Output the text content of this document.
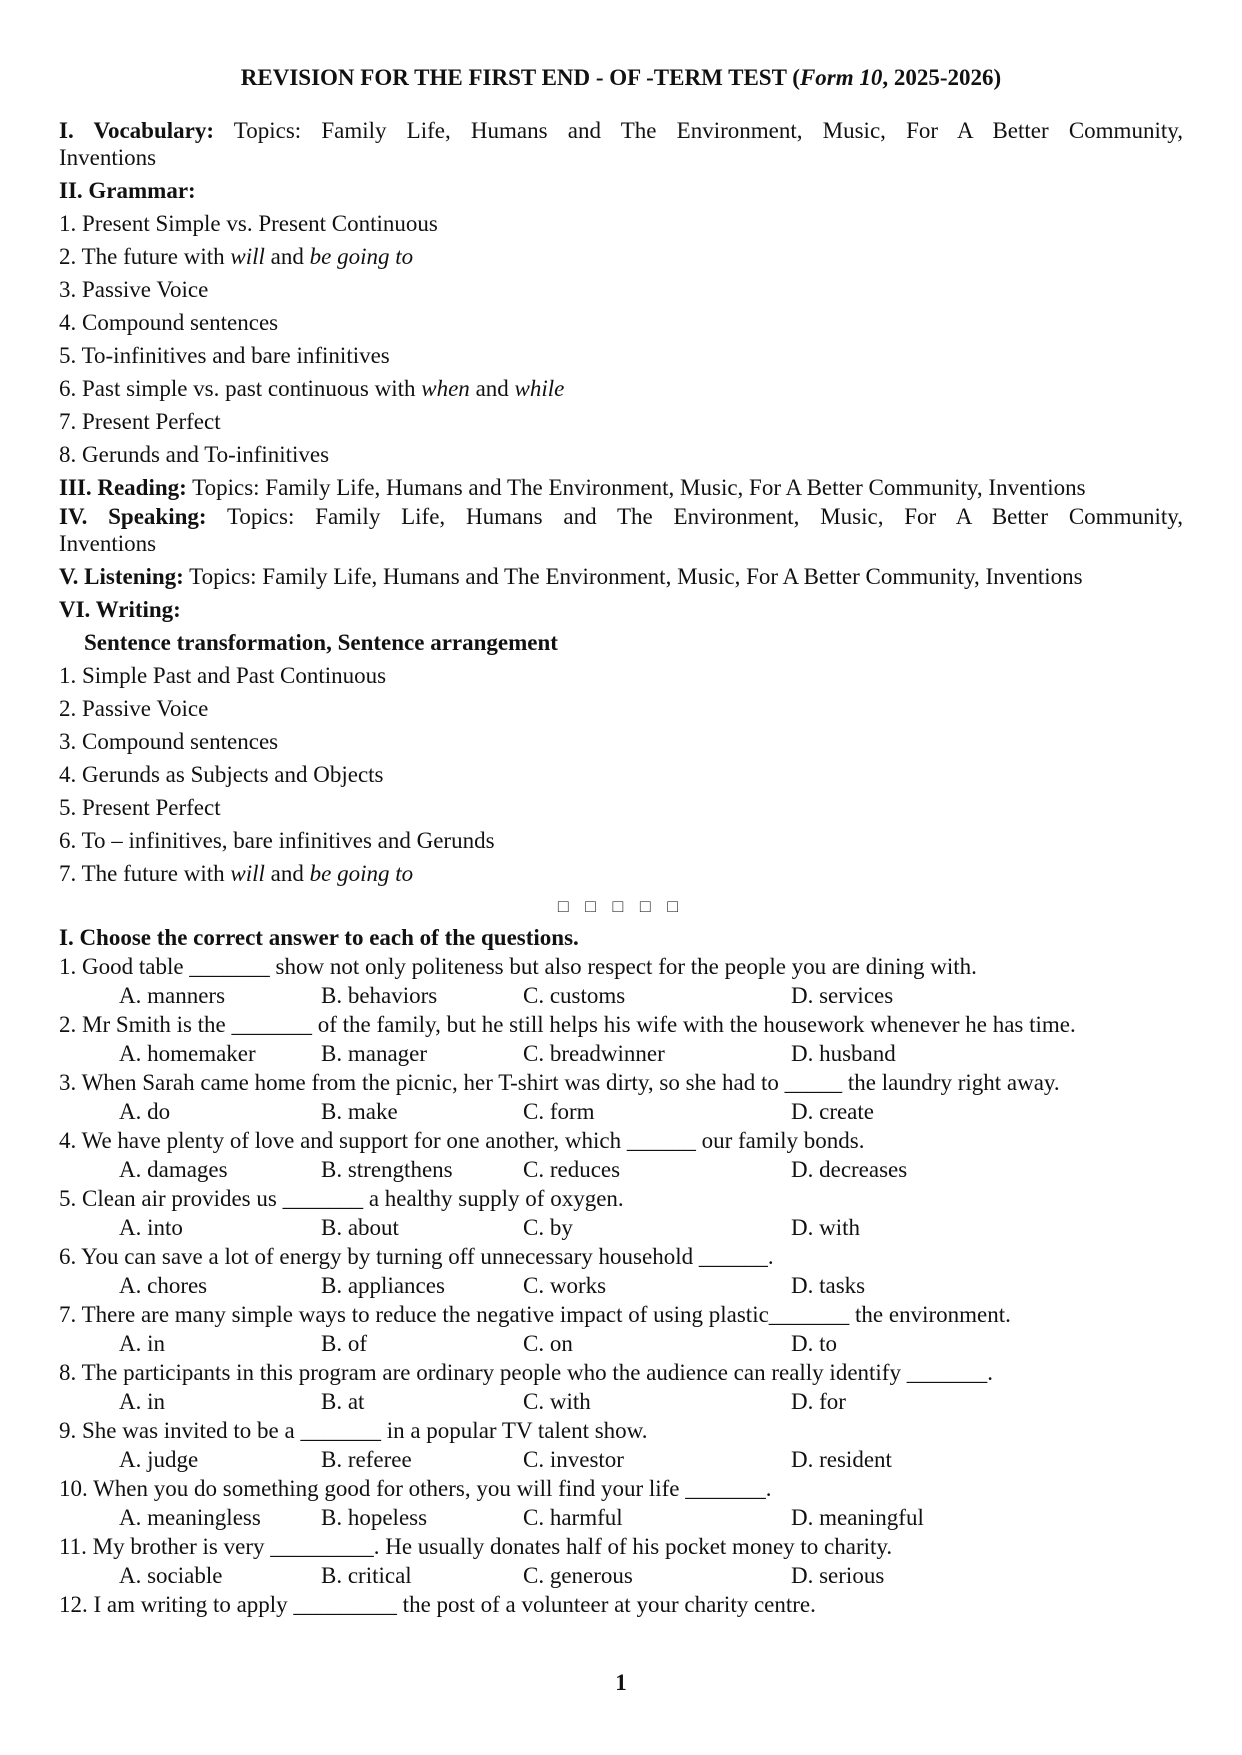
REVISION FOR THE FIRST END - OF -TERM TEST (Form 10, 2025-2026)
I. Vocabulary: Topics: Family Life, Humans and The Environment, Music, For A Better Community,
Inventions
II. Grammar:
1. Present Simple vs. Present Continuous
2. The future with will and be going to
3. Passive Voice
4. Compound sentences
5. To-infinitives and bare infinitives
6. Past simple vs. past continuous with when and while
7. Present Perfect
8. Gerunds and To-infinitives
III. Reading: Topics: Family Life, Humans and The Environment, Music, For A Better Community, Inventions
IV. Speaking: Topics: Family Life, Humans and The Environment, Music, For A Better Community,
Inventions
V. Listening: Topics: Family Life, Humans and The Environment, Music, For A Better Community, Inventions
VI. Writing:
Sentence transformation, Sentence arrangement
1. Simple Past and Past Continuous
2. Passive Voice
3. Compound sentences
4. Gerunds as Subjects and Objects
5. Present Perfect
6. To – infinitives, bare infinitives and Gerunds
7. The future with will and be going to
□ □ □ □ □
I. Choose the correct answer to each of the questions.
1. Good table _______ show not only politeness but also respect for the people you are dining with.
A. manners	B. behaviors	C. customs	D. services
2. Mr Smith is the _______ of the family, but he still helps his wife with the housework whenever he has time.
A. homemaker	B. manager	C. breadwinner	D. husband
3. When Sarah came home from the picnic, her T-shirt was dirty, so she had to _____ the laundry right away.
A. do	B. make	C. form	D. create
4. We have plenty of love and support for one another, which ______ our family bonds.
A. damages	B. strengthens	C. reduces	D. decreases
5. Clean air provides us _______ a healthy supply of oxygen.
A. into	B. about	C. by	D. with
6. You can save a lot of energy by turning off unnecessary household ______.
A. chores	B. appliances	C. works	D. tasks
7. There are many simple ways to reduce the negative impact of using plastic_______ the environment.
A. in	B. of	C. on	D. to
8. The participants in this program are ordinary people who the audience can really identify _______.
A. in	B. at	C. with	D. for
9. She was invited to be a _______ in a popular TV talent show.
A. judge	B. referee	C. investor	D. resident
10. When you do something good for others, you will find your life _______.
A. meaningless	B. hopeless	C. harmful	D. meaningful
11. My brother is very _________. He usually donates half of his pocket money to charity.
A. sociable	B. critical	C. generous	D. serious
12. I am writing to apply _________ the post of a volunteer at your charity centre.
1
